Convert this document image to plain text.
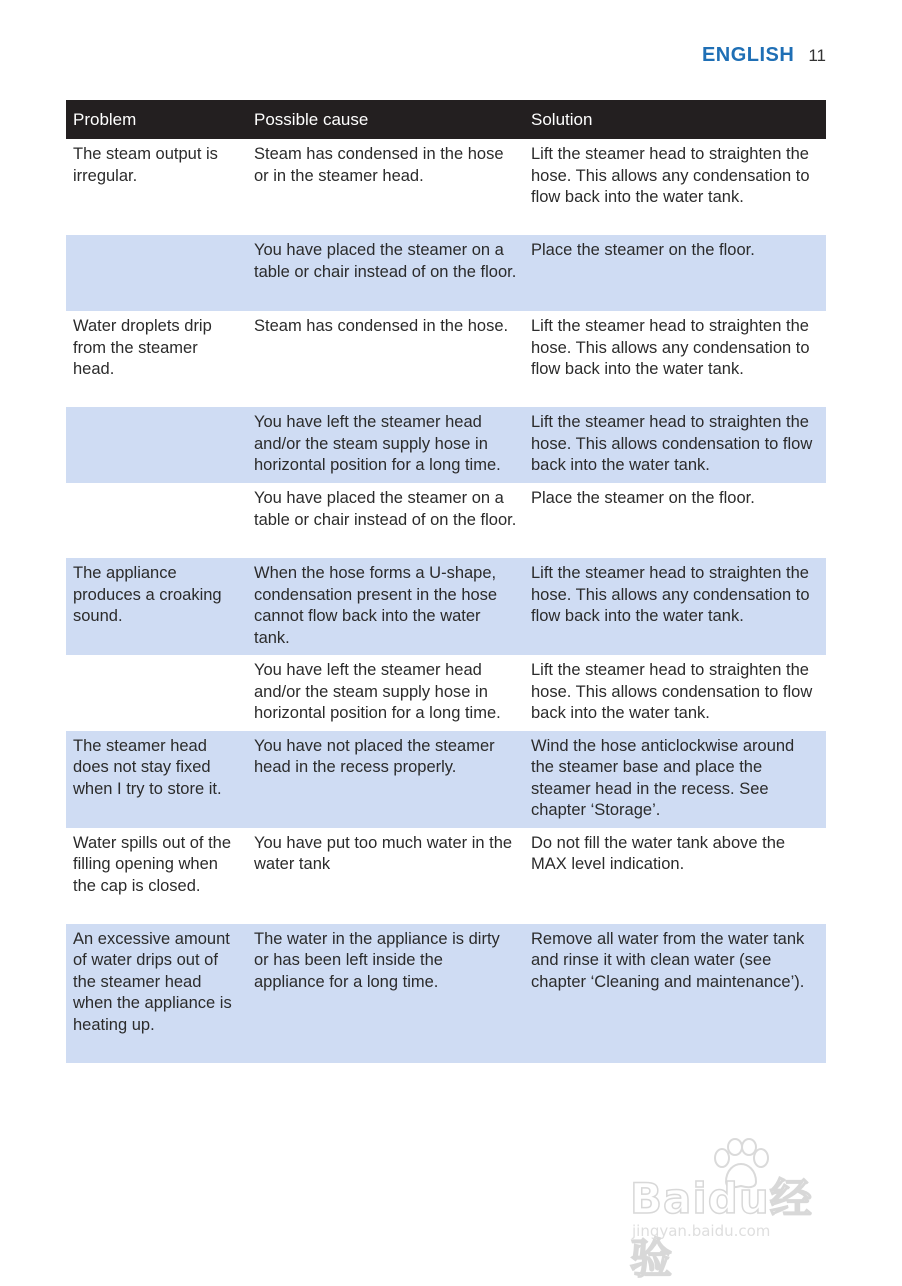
ENGLISH 11
Problem	Possible cause	Solution
The steam output is irregular.	Steam has condensed in the hose or in the steamer head.	Lift the steamer head to straighten the hose. This allows any condensation to flow back into the water tank.
	You have placed the steamer on a table or chair instead of on the floor.	Place the steamer on the floor.
Water droplets drip from the steamer head.	Steam has condensed in the hose.	Lift the steamer head to straighten the hose. This allows any condensation to flow back into the water tank.
	You have left the steamer head and/or the steam supply hose in horizontal position for a long time.	Lift the steamer head to straighten the hose. This allows condensation to flow back into the water tank.
	You have placed the steamer on a table or chair instead of on the floor.	Place the steamer on the floor.
The appliance produces a croaking sound.	When the hose forms a U-shape, condensation present in the hose cannot flow back into the water tank.	Lift the steamer head to straighten the hose. This allows any condensation to flow back into the water tank.
	You have left the steamer head and/or the steam supply hose in horizontal position for a long time.	Lift the steamer head to straighten the hose. This allows condensation to flow back into the water tank.
The steamer head does not stay fixed when I try to store it.	You have not placed the steamer head in the recess properly.	Wind the hose anticlockwise around the steamer base and place the steamer head in the recess. See chapter ‘Storage’.
Water spills out of the filling opening when the cap is closed.	You have put too much water in the water tank	Do not fill the water tank above the MAX level indication.
An excessive amount of water drips out of the steamer head when the appliance is heating up.	The water in the appliance is dirty or has been left inside the appliance for a long time.	Remove all water from the water tank and rinse it with clean water (see chapter ‘Cleaning and maintenance’).
Baidu经验
jingyan.baidu.com
